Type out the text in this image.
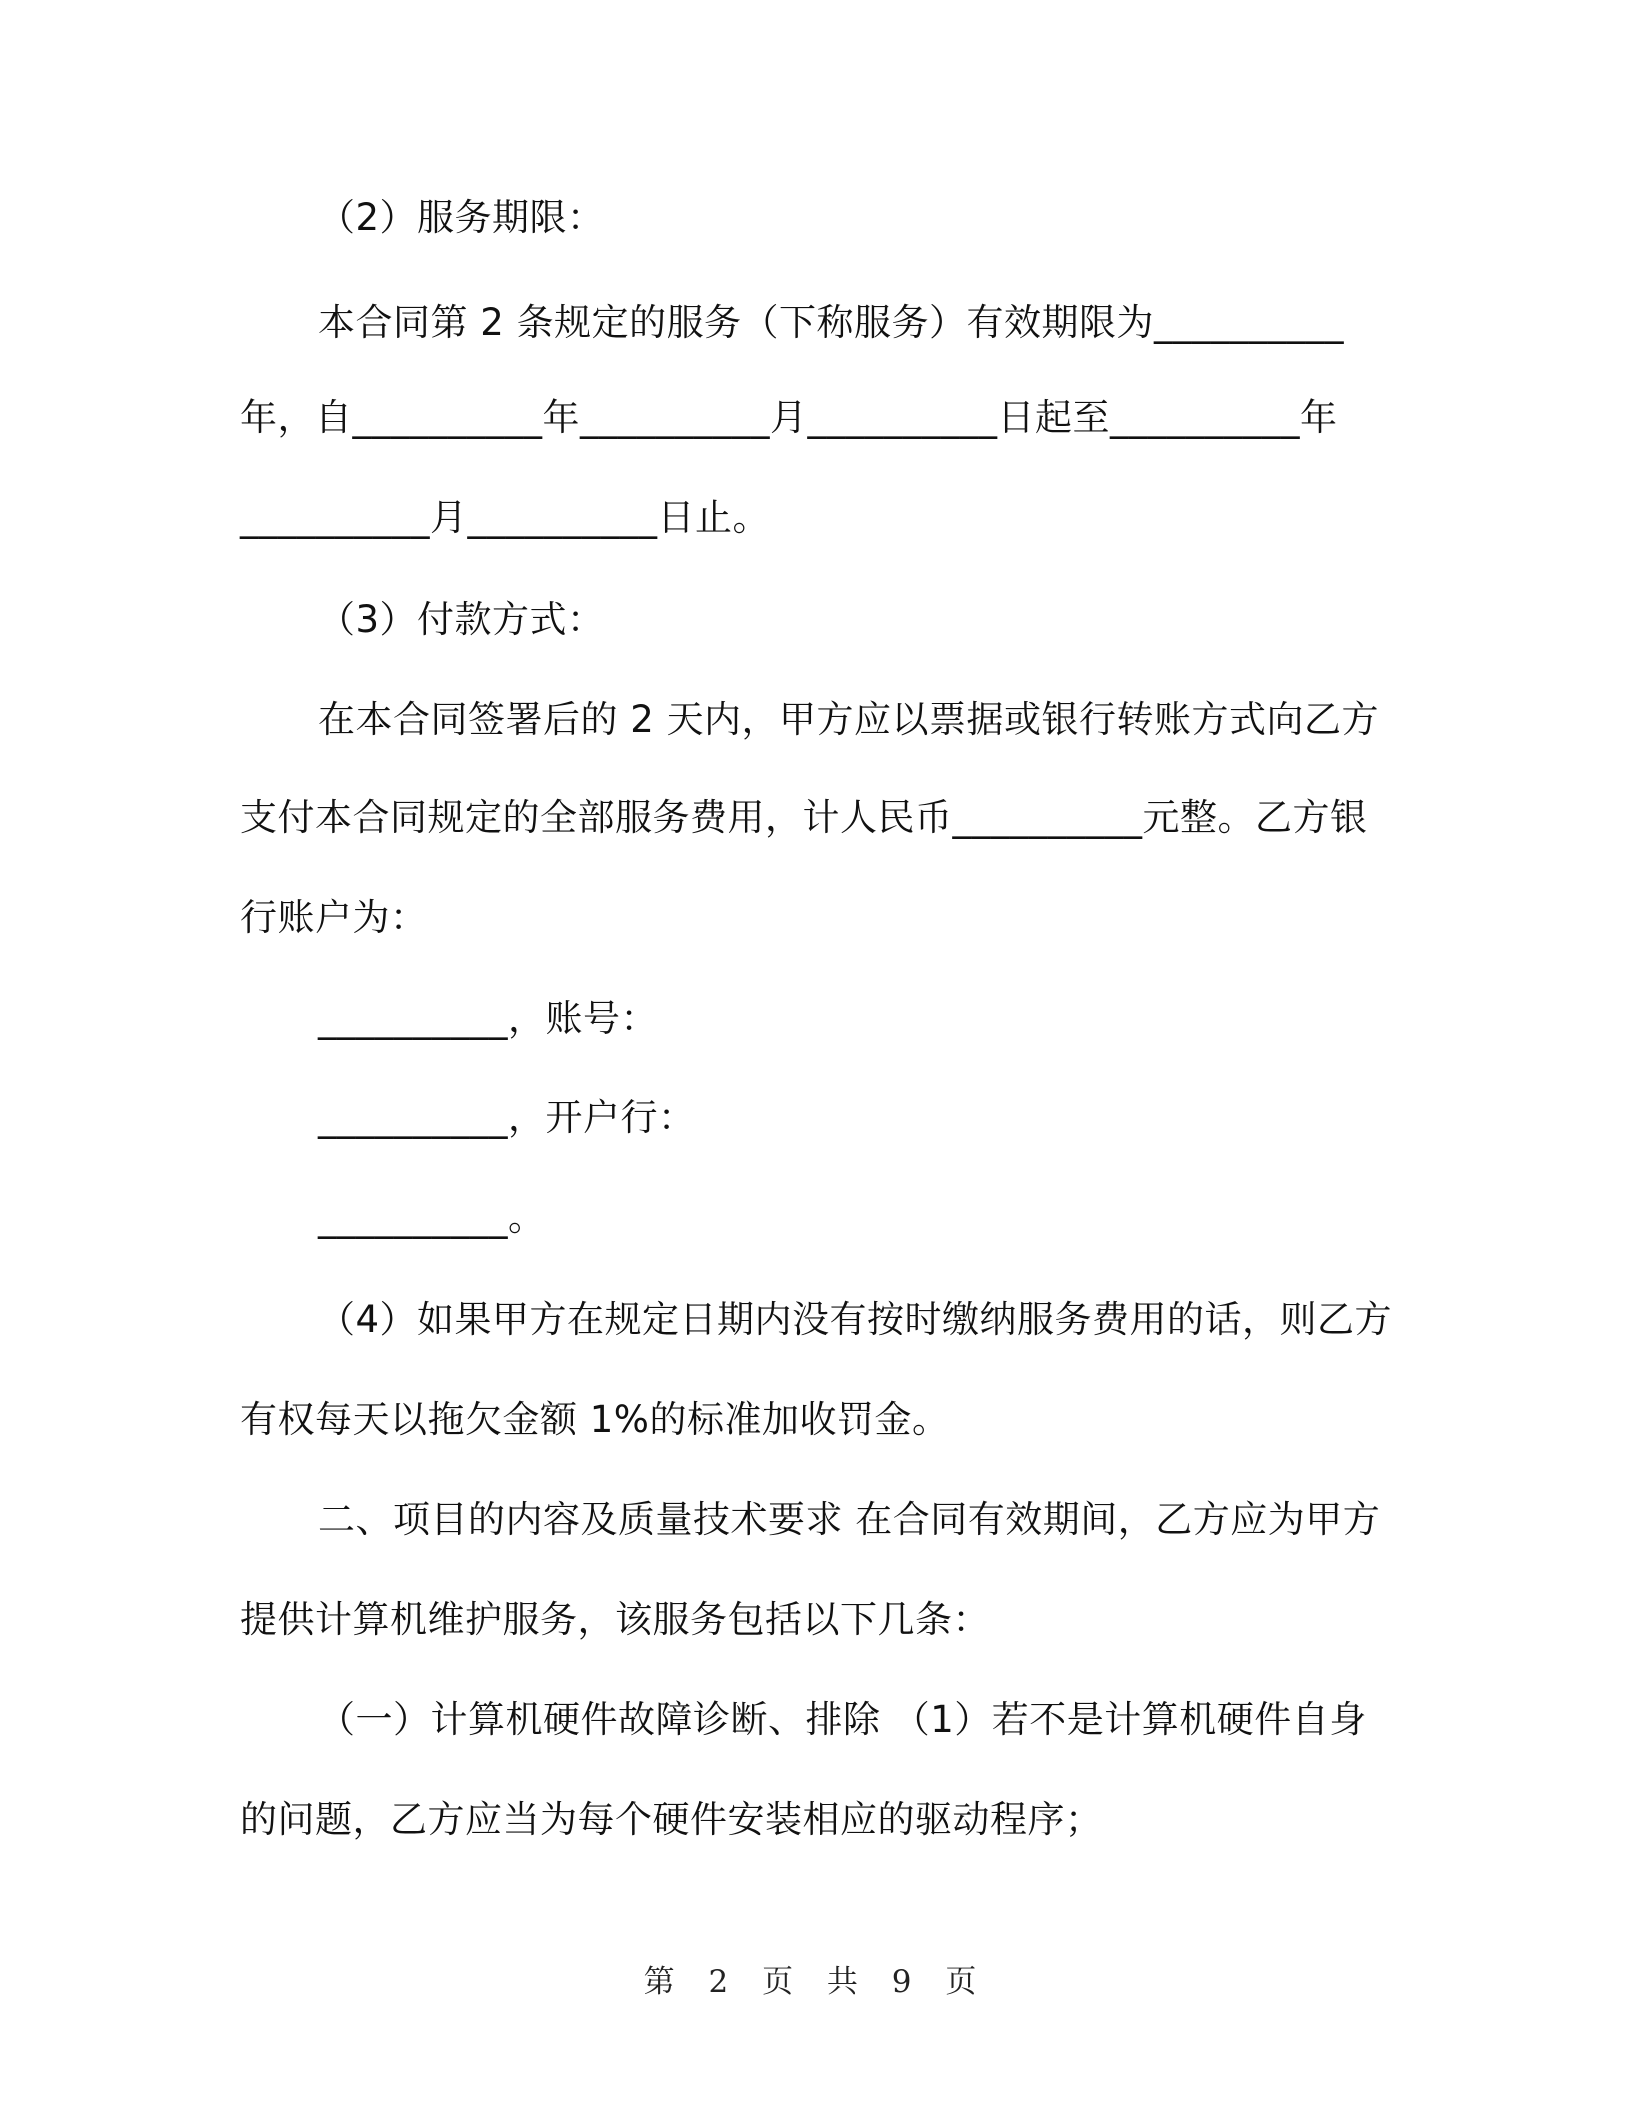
（2）服务期限：
本合同第 2 条规定的服务（下称服务）有效期限为__________
年，自__________年__________月__________日起至__________年
__________月__________日止。
（3）付款方式：
在本合同签署后的 2 天内，甲方应以票据或银行转账方式向乙方
支付本合同规定的全部服务费用，计人民币__________元整。乙方银
行账户为：
__________，账号：
__________，开户行：
__________。
（4）如果甲方在规定日期内没有按时缴纳服务费用的话，则乙方
有权每天以拖欠金额 1%的标准加收罚金。
二、项目的内容及质量技术要求 在合同有效期间，乙方应为甲方
提供计算机维护服务，该服务包括以下几条：
（一）计算机硬件故障诊断、排除 （1）若不是计算机硬件自身
的问题，乙方应当为每个硬件安装相应的驱动程序；
第 2 页 共 9 页
